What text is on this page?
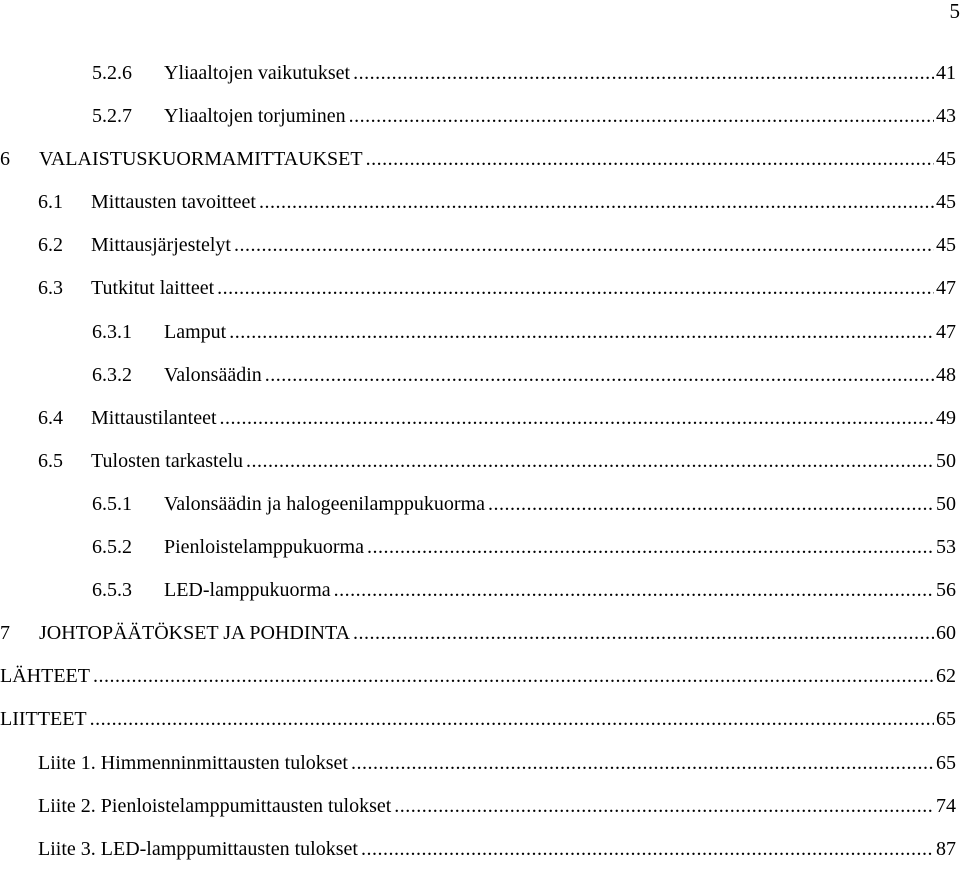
5
5.2.6	Yliaaltojen vaikutukset .....	41
5.2.7	Yliaaltojen torjuminen .....	43
6	VALAISTUSKUORMAMITTAUKSET .....	45
6.1	Mittausten tavoitteet .....	45
6.2	Mittausjärjestelyt .....	45
6.3	Tutkitut laitteet .....	47
6.3.1	Lamput .....	47
6.3.2	Valonsäädin .....	48
6.4	Mittaustilanteet .....	49
6.5	Tulosten tarkastelu .....	50
6.5.1	Valonsäädin ja halogeenilamppukuorma .....	50
6.5.2	Pienloistelamppukuorma .....	53
6.5.3	LED-lamppukuorma .....	56
7	JOHTOPÄÄTÖKSET JA POHDINTA .....	60
LÄHTEET .....	62
LIITTEET .....	65
Liite 1. Himmenninmittausten tulokset .....	65
Liite 2. Pienloistelamppumittausten tulokset .....	74
Liite 3. LED-lamppumittausten tulokset .....	87
